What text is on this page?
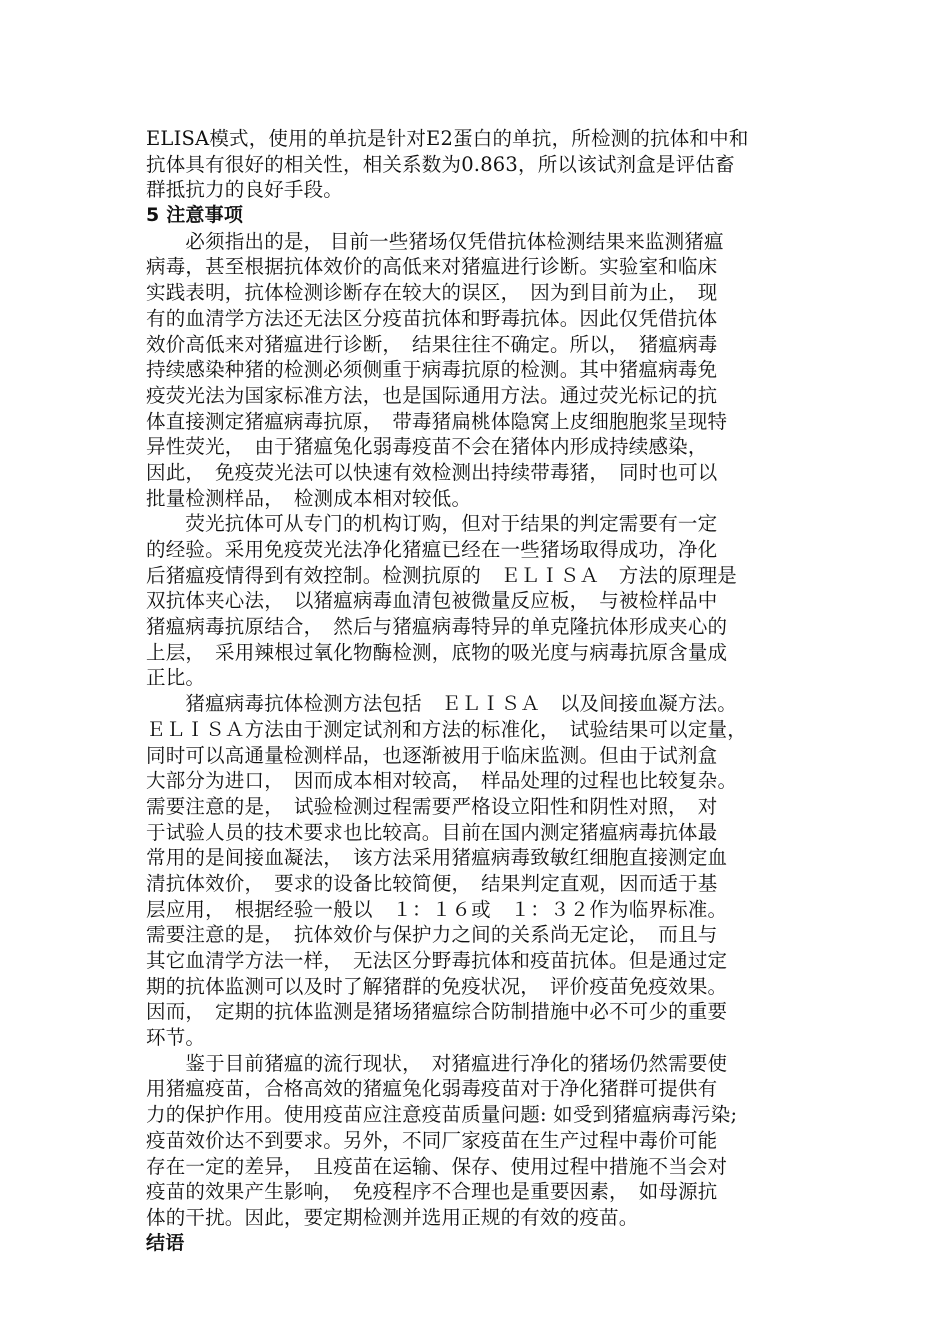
ELISA模式，使用的单抗是针对E2蛋白的单抗，所检测的抗体和中和
抗体具有很好的相关性，相关系数为0.863，所以该试剂盒是评估畜
群抵抗力的良好手段。
5 注意事项
　　必须指出的是， 目前一些猪场仅凭借抗体检测结果来监测猪瘟
病毒，甚至根据抗体效价的高低来对猪瘟进行诊断。实验室和临床
实践表明，抗体检测诊断存在较大的误区，　因为到目前为止，　现
有的血清学方法还无法区分疫苗抗体和野毒抗体。因此仅凭借抗体
效价高低来对猪瘟进行诊断，　结果往往不确定。所以，　猪瘟病毒
持续感染种猪的检测必须侧重于病毒抗原的检测。其中猪瘟病毒免
疫荧光法为国家标准方法，也是国际通用方法。通过荧光标记的抗
体直接测定猪瘟病毒抗原，　带毒猪扁桃体隐窝上皮细胞胞浆呈现特
异性荧光，　由于猪瘟兔化弱毒疫苗不会在猪体内形成持续感染，
因此，　免疫荧光法可以快速有效检测出持续带毒猪，　同时也可以
批量检测样品，　检测成本相对较低。
　　荧光抗体可从专门的机构订购，但对于结果的判定需要有一定
的经验。采用免疫荧光法净化猪瘟已经在一些猪场取得成功，净化
后猪瘟疫情得到有效控制。检测抗原的　ＥＬＩＳＡ　方法的原理是
双抗体夹心法，　以猪瘟病毒血清包被微量反应板，　与被检样品中
猪瘟病毒抗原结合，　然后与猪瘟病毒特异的单克隆抗体形成夹心的
上层，　采用辣根过氧化物酶检测，底物的吸光度与病毒抗原含量成
正比。
　　猪瘟病毒抗体检测方法包括　ＥＬＩＳＡ　以及间接血凝方法。
ＥＬＩＳＡ方法由于测定试剂和方法的标准化，　试验结果可以定量，
同时可以高通量检测样品，也逐渐被用于临床监测。但由于试剂盒
大部分为进口，　因而成本相对较高，　样品处理的过程也比较复杂。
需要注意的是，　试验检测过程需要严格设立阳性和阴性对照，　对
于试验人员的技术要求也比较高。目前在国内测定猪瘟病毒抗体最
常用的是间接血凝法，　该方法采用猪瘟病毒致敏红细胞直接测定血
清抗体效价，　要求的设备比较简便，　结果判定直观，因而适于基
层应用，　根据经验一般以　１：１６或　１：３２作为临界标准。
需要注意的是，　抗体效价与保护力之间的关系尚无定论，　而且与
其它血清学方法一样，　无法区分野毒抗体和疫苗抗体。但是通过定
期的抗体监测可以及时了解猪群的免疫状况，　评价疫苗免疫效果。
因而，　定期的抗体监测是猪场猪瘟综合防制措施中必不可少的重要
环节。
　　鉴于目前猪瘟的流行现状，　对猪瘟进行净化的猪场仍然需要使
用猪瘟疫苗，合格高效的猪瘟兔化弱毒疫苗对于净化猪群可提供有
力的保护作用。使用疫苗应注意疫苗质量问题: 如受到猪瘟病毒污染;
疫苗效价达不到要求。另外，不同厂家疫苗在生产过程中毒价可能
存在一定的差异，　且疫苗在运输、保存、使用过程中措施不当会对
疫苗的效果产生影响，　免疫程序不合理也是重要因素，　如母源抗
体的干扰。因此，要定期检测并选用正规的有效的疫苗。
结语
